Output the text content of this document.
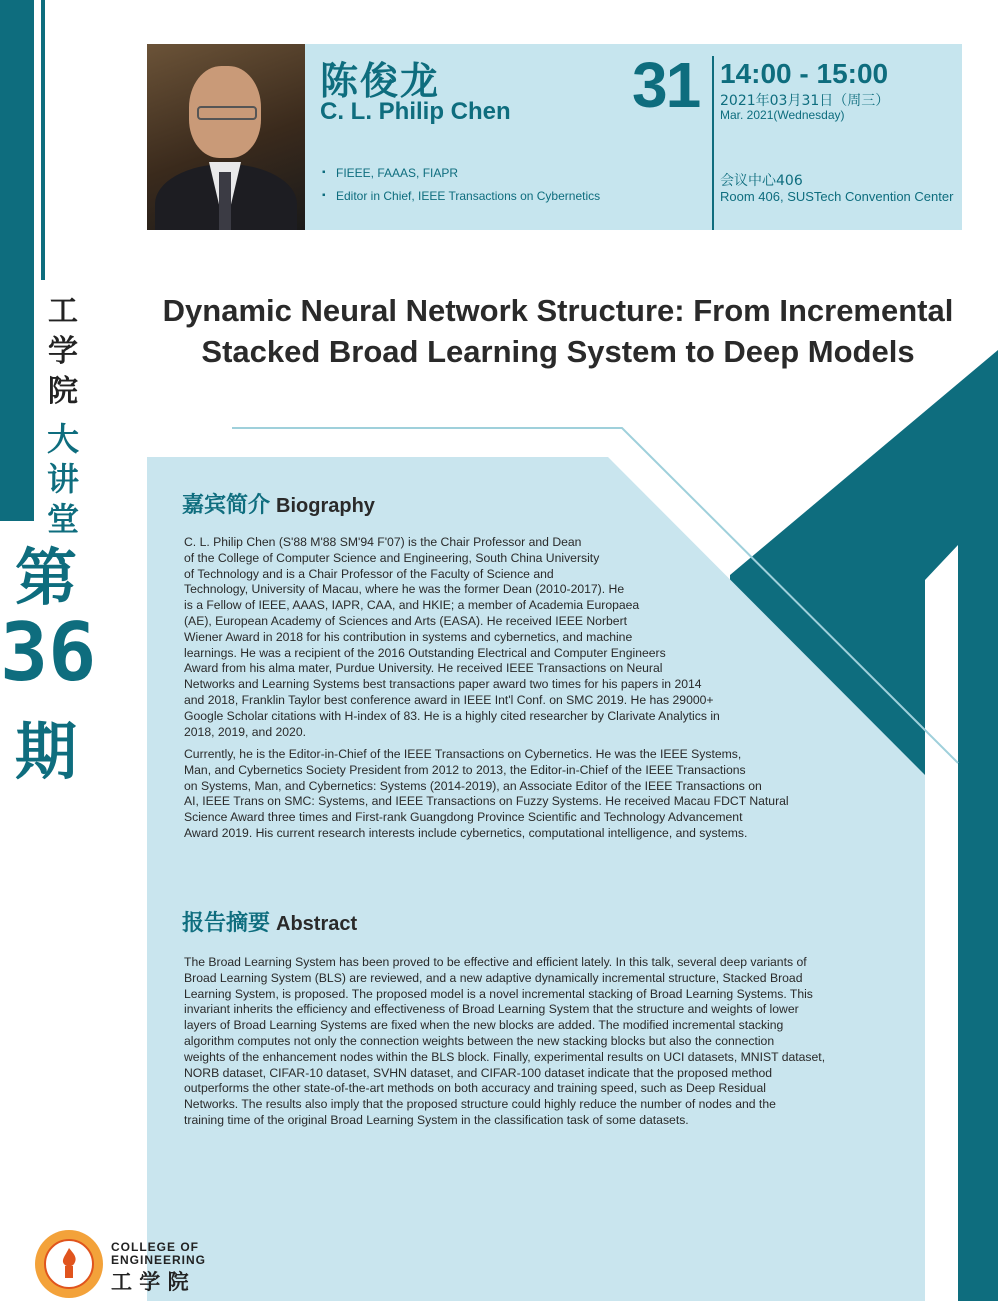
工
学
院
大
讲
堂
第
36
期
陈俊龙
C. L. Philip Chen
▪ FIEEE, FAAAS, FIAPR
▪ Editor in Chief, IEEE Transactions on Cybernetics
31 14:00 - 15:00
2021年03月31日（周三）
Mar. 2021(Wednesday)
会议中心406
Room 406, SUSTech Convention Center
Dynamic Neural Network Structure: From Incremental
Stacked Broad Learning System to Deep Models
嘉宾简介 Biography
C. L. Philip Chen (S'88 M'88 SM'94 F'07) is the Chair Professor and Dean
of the College of Computer Science and Engineering, South China University
of Technology and is a Chair Professor of the Faculty of Science and
Technology, University of Macau, where he was the former Dean (2010-2017). He
is a Fellow of IEEE, AAAS, IAPR, CAA, and HKIE; a member of Academia Europaea
(AE), European Academy of Sciences and Arts (EASA). He received IEEE Norbert
Wiener Award in 2018 for his contribution in systems and cybernetics, and machine
learnings. He was a recipient of the 2016 Outstanding Electrical and Computer Engineers
Award from his alma mater, Purdue University. He received IEEE Transactions on Neural
Networks and Learning Systems best transactions paper award two times for his papers in 2014
and 2018, Franklin Taylor best conference award in IEEE Int'l Conf. on SMC 2019. He has 29000+
Google Scholar citations with H-index of 83. He is a highly cited researcher by Clarivate Analytics in
2018, 2019, and 2020.
Currently, he is the Editor-in-Chief of the IEEE Transactions on Cybernetics. He was the IEEE Systems,
Man, and Cybernetics Society President from 2012 to 2013, the Editor-in-Chief of the IEEE Transactions
on Systems, Man, and Cybernetics: Systems (2014-2019), an Associate Editor of the IEEE Transactions on
AI, IEEE Trans on SMC: Systems, and IEEE Transactions on Fuzzy Systems. He received Macau FDCT Natural
Science Award three times and First-rank Guangdong Province Scientific and Technology Advancement
Award 2019. His current research interests include cybernetics, computational intelligence, and systems.
报告摘要 Abstract
The Broad Learning System has been proved to be effective and efficient lately. In this talk, several deep variants of
Broad Learning System (BLS) are reviewed, and a new adaptive dynamically incremental structure, Stacked Broad
Learning System, is proposed. The proposed model is a novel incremental stacking of Broad Learning Systems. This
invariant inherits the efficiency and effectiveness of Broad Learning System that the structure and weights of lower
layers of Broad Learning Systems are fixed when the new blocks are added. The modified incremental stacking
algorithm computes not only the connection weights between the new stacking blocks but also the connection
weights of the enhancement nodes within the BLS block. Finally, experimental results on UCI datasets, MNIST dataset,
NORB dataset, CIFAR-10 dataset, SVHN dataset, and CIFAR-100 dataset indicate that the proposed method
outperforms the other state-of-the-art methods on both accuracy and training speed, such as Deep Residual
Networks. The results also imply that the proposed structure could highly reduce the number of nodes and the
training time of the original Broad Learning System in the classification task of some datasets.
COLLEGE OF
ENGINEERING
工 学 院
